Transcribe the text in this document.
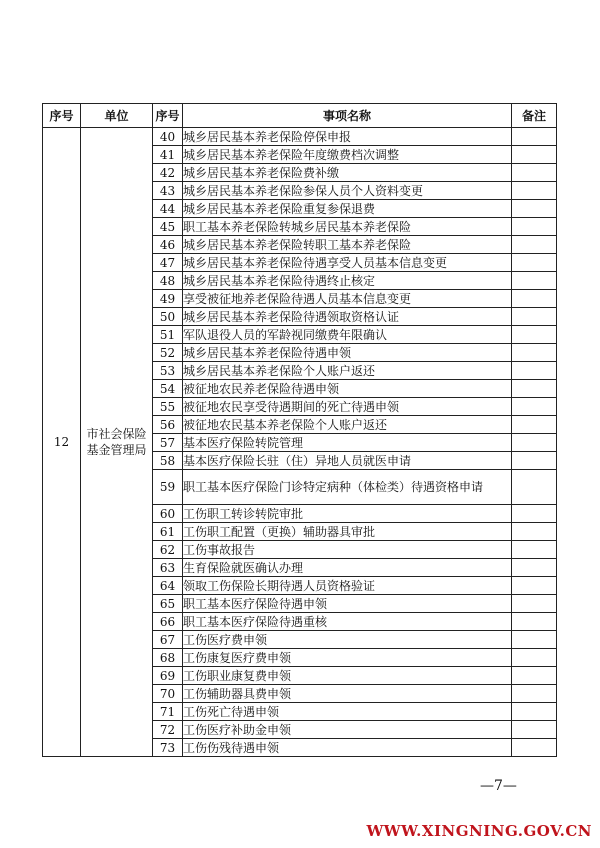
序号	单位	序号	事项名称	备注
12	市社会保险基金管理局	40	城乡居民基本养老保险停保申报	
		41	城乡居民基本养老保险年度缴费档次调整	
		42	城乡居民基本养老保险费补缴	
		43	城乡居民基本养老保险参保人员个人资料变更	
		44	城乡居民基本养老保险重复参保退费	
		45	职工基本养老保险转城乡居民基本养老保险	
		46	城乡居民基本养老保险转职工基本养老保险	
		47	城乡居民基本养老保险待遇享受人员基本信息变更	
		48	城乡居民基本养老保险待遇终止核定	
		49	享受被征地养老保险待遇人员基本信息变更	
		50	城乡居民基本养老保险待遇领取资格认证	
		51	军队退役人员的军龄视同缴费年限确认	
		52	城乡居民基本养老保险待遇申领	
		53	城乡居民基本养老保险个人账户返还	
		54	被征地农民养老保险待遇申领	
		55	被征地农民享受待遇期间的死亡待遇申领	
		56	被征地农民基本养老保险个人账户返还	
		57	基本医疗保险转院管理	
		58	基本医疗保险长驻（住）异地人员就医申请	
		59	职工基本医疗保险门诊特定病种（体检类）待遇资格申请	
		60	工伤职工转诊转院审批	
		61	工伤职工配置（更换）辅助器具审批	
		62	工伤事故报告	
		63	生育保险就医确认办理	
		64	领取工伤保险长期待遇人员资格验证	
		65	职工基本医疗保险待遇申领	
		66	职工基本医疗保险待遇重核	
		67	工伤医疗费申领	
		68	工伤康复医疗费申领	
		69	工伤职业康复费申领	
		70	工伤辅助器具费申领	
		71	工伤死亡待遇申领	
		72	工伤医疗补助金申领	
		73	工伤伤残待遇申领	
—7—
WWW.XINGNING.GOV.CN
